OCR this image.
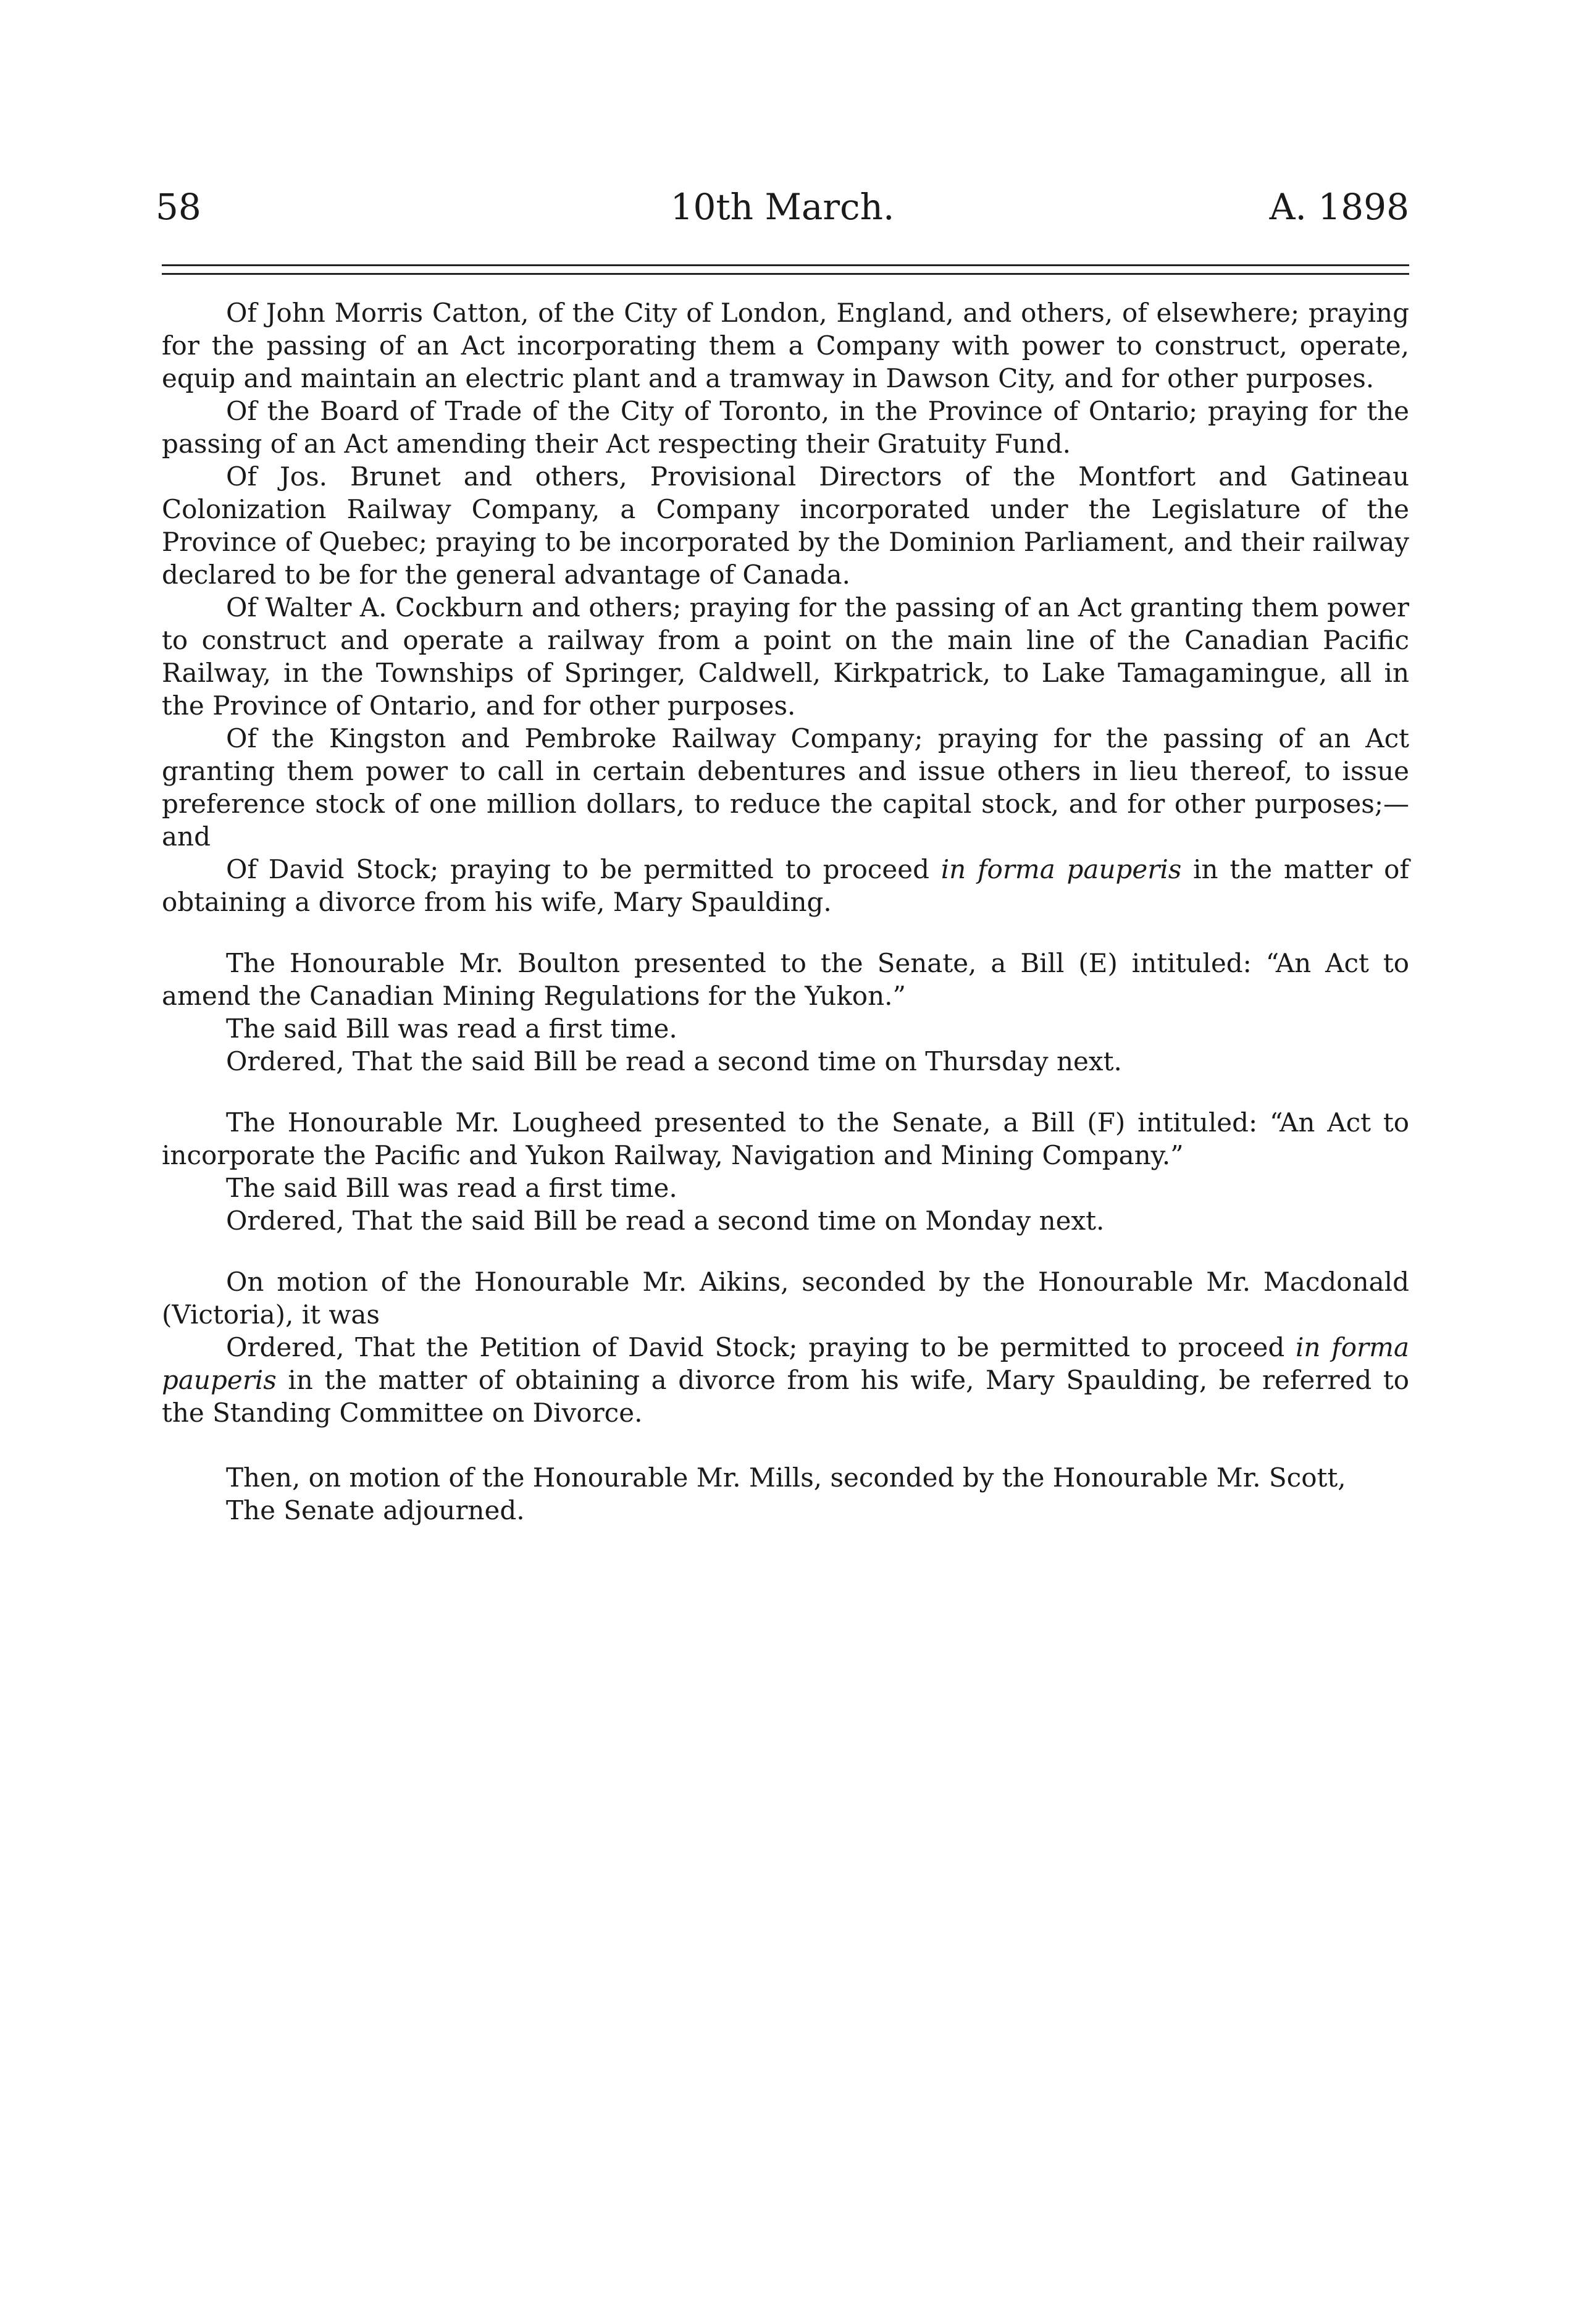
58	10th March.	A. 1898

Of John Morris Catton, of the City of London, England, and others, of elsewhere; praying for the passing of an Act incorporating them a Company with power to construct, operate, equip and maintain an electric plant and a tramway in Dawson City, and for other purposes.

Of the Board of Trade of the City of Toronto, in the Province of Ontario; praying for the passing of an Act amending their Act respecting their Gratuity Fund.

Of Jos. Brunet and others, Provisional Directors of the Montfort and Gatineau Colonization Railway Company, a Company incorporated under the Legislature of the Province of Quebec; praying to be incorporated by the Dominion Parliament, and their railway declared to be for the general advantage of Canada.

Of Walter A. Cockburn and others; praying for the passing of an Act granting them power to construct and operate a railway from a point on the main line of the Canadian Pacific Railway, in the Townships of Springer, Caldwell, Kirkpatrick, to Lake Tamagamingue, all in the Province of Ontario, and for other purposes.

Of the Kingston and Pembroke Railway Company; praying for the passing of an Act granting them power to call in certain debentures and issue others in lieu thereof, to issue preference stock of one million dollars, to reduce the capital stock, and for other purposes;—and

Of David Stock; praying to be permitted to proceed in forma pauperis in the matter of obtaining a divorce from his wife, Mary Spaulding.

The Honourable Mr. Boulton presented to the Senate, a Bill (E) intituled: “An Act to amend the Canadian Mining Regulations for the Yukon.”

The said Bill was read a first time.

Ordered, That the said Bill be read a second time on Thursday next.

The Honourable Mr. Lougheed presented to the Senate, a Bill (F) intituled: “An Act to incorporate the Pacific and Yukon Railway, Navigation and Mining Company.”

The said Bill was read a first time.

Ordered, That the said Bill be read a second time on Monday next.

On motion of the Honourable Mr. Aikins, seconded by the Honourable Mr. Macdonald (Victoria), it was

Ordered, That the Petition of David Stock; praying to be permitted to proceed in forma pauperis in the matter of obtaining a divorce from his wife, Mary Spaulding, be referred to the Standing Committee on Divorce.

Then, on motion of the Honourable Mr. Mills, seconded by the Honourable Mr. Scott,

The Senate adjourned.
